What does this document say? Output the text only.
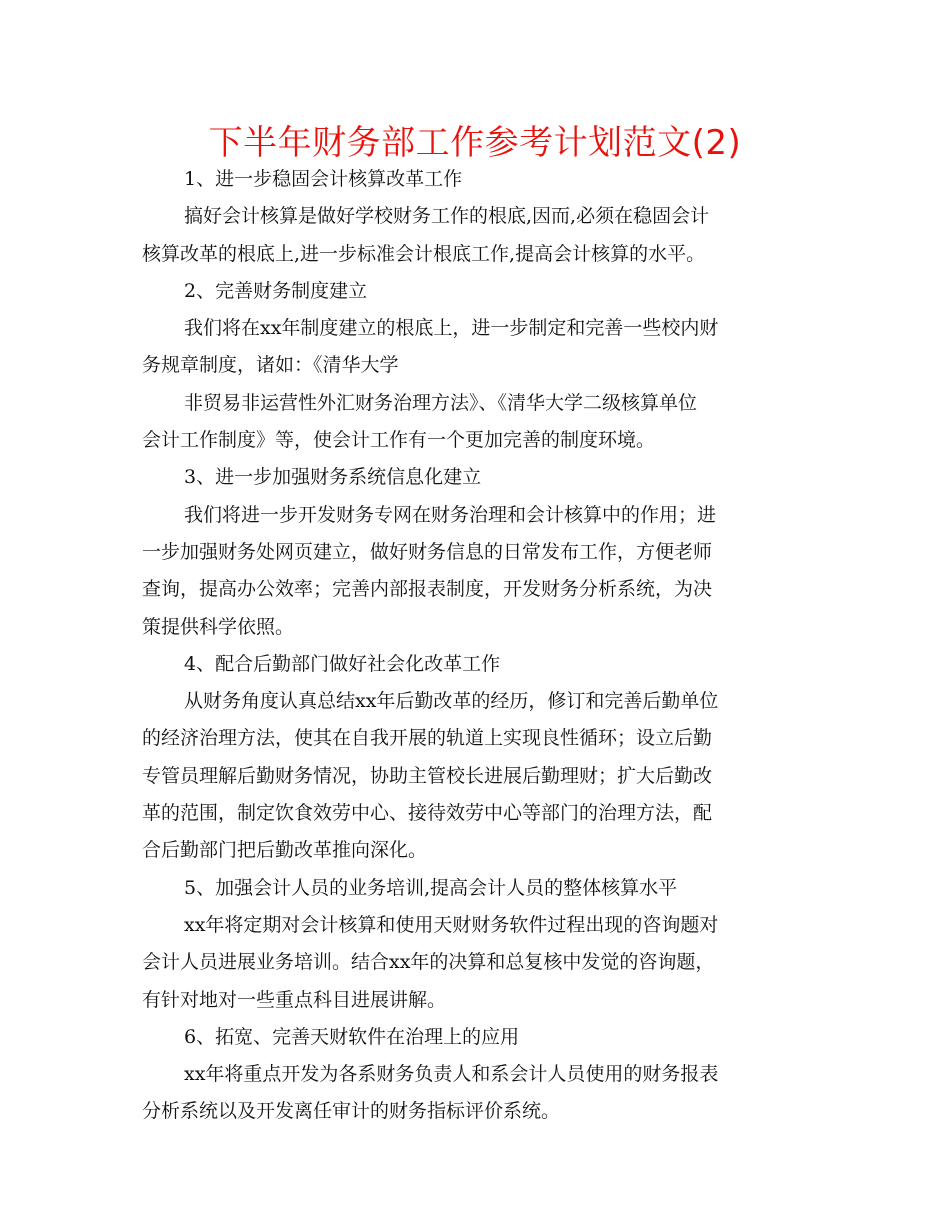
下半年财务部工作参考计划范文(2)
1、进一步稳固会计核算改革工作
搞好会计核算是做好学校财务工作的根底,因而,必须在稳固会计
核算改革的根底上,进一步标准会计根底工作,提高会计核算的水平。
2、完善财务制度建立
我们将在xx年制度建立的根底上，进一步制定和完善一些校内财
务规章制度，诸如：《清华大学
非贸易非运营性外汇财务治理方法》、《清华大学二级核算单位
会计工作制度》等，使会计工作有一个更加完善的制度环境。
3、进一步加强财务系统信息化建立
我们将进一步开发财务专网在财务治理和会计核算中的作用；进
一步加强财务处网页建立，做好财务信息的日常发布工作，方便老师
查询，提高办公效率；完善内部报表制度，开发财务分析系统，为决
策提供科学依照。
4、配合后勤部门做好社会化改革工作
从财务角度认真总结xx年后勤改革的经历，修订和完善后勤单位
的经济治理方法，使其在自我开展的轨道上实现良性循环；设立后勤
专管员理解后勤财务情况，协助主管校长进展后勤理财；扩大后勤改
革的范围，制定饮食效劳中心、接待效劳中心等部门的治理方法，配
合后勤部门把后勤改革推向深化。
5、加强会计人员的业务培训,提高会计人员的整体核算水平
xx年将定期对会计核算和使用天财财务软件过程出现的咨询题对
会计人员进展业务培训。结合xx年的决算和总复核中发觉的咨询题，
有针对地对一些重点科目进展讲解。
6、拓宽、完善天财软件在治理上的应用
xx年将重点开发为各系财务负责人和系会计人员使用的财务报表
分析系统以及开发离任审计的财务指标评价系统。
